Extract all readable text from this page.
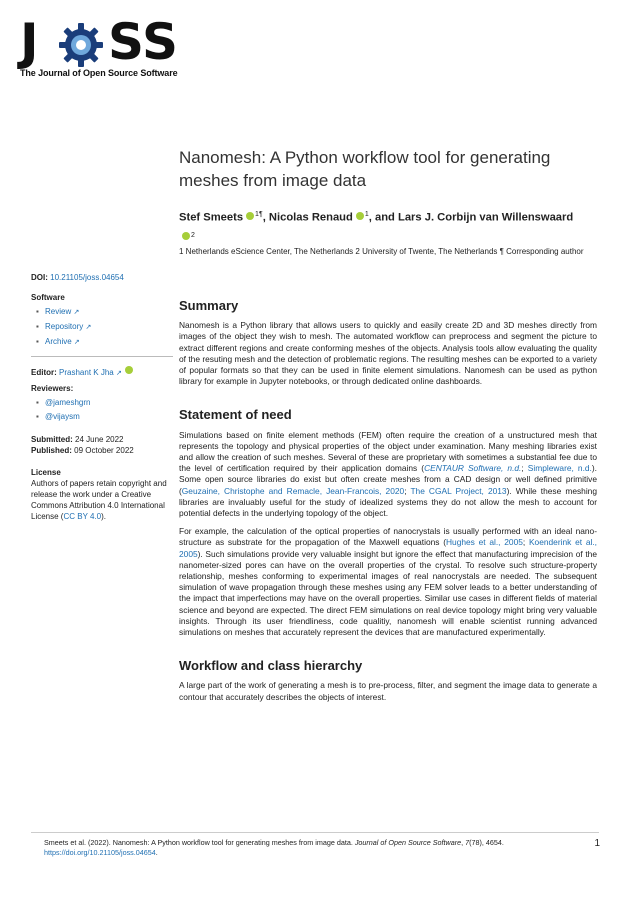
J S
S
The Journal of Open Source Software
Nanomesh: A Python workflow tool for generating meshes from image data
Stef Smeets $^{1\P}$, Nicolas Renaud $^1$, and Lars J. Corbijn van Willenswaard$^2$
1 Netherlands eScience Center, The Netherlands 2 University of Twente, The Netherlands ¶ Corresponding author
DOI: 10.21105/joss.04654
Software
▪ Review ↗
▪ Repository ↗
▪ Archive ↗
Editor: Prashant K Jha ↗
Reviewers:
▪ @jameshgrn
▪ @vijaysm
Submitted: 24 June 2022
Published: 09 October 2022
License
Authors of papers retain copyright and release the work under a Creative Commons Attribution 4.0 International License (CC BY 4.0).
Summary

Nanomesh is a Python library that allows users to quickly and easily create 2D and 3D meshes directly from images of the object they wish to mesh. The automated workflow can preprocess and segment the picture to extract different regions and create conforming meshes of the objects. Analysis tools allow evaluating the quality of the resuting mesh and the detection of problematic regions. The resulting meshes can be exported to a variety of popular formats so that they can be used in finite element simulations. Nanomesh can be used as python library for example in Jupyter notebooks, or through dedicated online dashboards.

Statement of need

Simulations based on finite element methods (FEM) often require the creation of a unstructured mesh that represents the topology and physical properties of the object under examination. Many meshing libraries exist and allow the creation of such meshes. Several of these are proprietary with sometimes a substantial fee due to the level of certification required by their application domains (CENTAUR Software, n.d.; Simpleware, n.d.). Some open source libraries do exist but often create meshes from a CAD design or well defined primitive (Geuzaine, Christophe and Remacle, Jean-Francois, 2020; The CGAL Project, 2013). While these meshing libraries are invaluably useful for the study of idealized systems they do not allow the mesh to account for potential defects in the underlying topology of the object.

For example, the calculation of the optical properties of nanocrystals is usually performed with an ideal nano-structure as substrate for the propagation of the Maxwell equations (Hughes et al., 2005; Koenderink et al., 2005). Such simulations provide very valuable insight but ignore the effect that manufacturing imprecision of the nanometer-sized pores can have on the overall properties of the crystal. To resolve such structure-property relationship, meshes conforming to experimental images of real nanocrystals are needed. The subsequent simulation of wave propagation through these meshes using any FEM solver leads to a better understanding of the impact that imperfections may have on the overall properties. Similar use cases in different fields of material science and beyond are expected. The direct FEM simulations on real device topology might bring very valuable insights. Through its user friendliness, code qualitiy, nanomesh will enable scientist running advanced simulations on meshes that accurately represent the devices that are manufactured experimentally.

Workflow and class hierarchy

A large part of the work of generating a mesh is to pre-process, filter, and segment the image data to generate a contour that accurately describes the objects of interest.

Smeets et al. (2022). Nanomesh: A Python workflow tool for generating meshes from image data. Journal of Open Source Software, 7(78), 4654.
https://doi.org/10.21105/joss.04654.
1
